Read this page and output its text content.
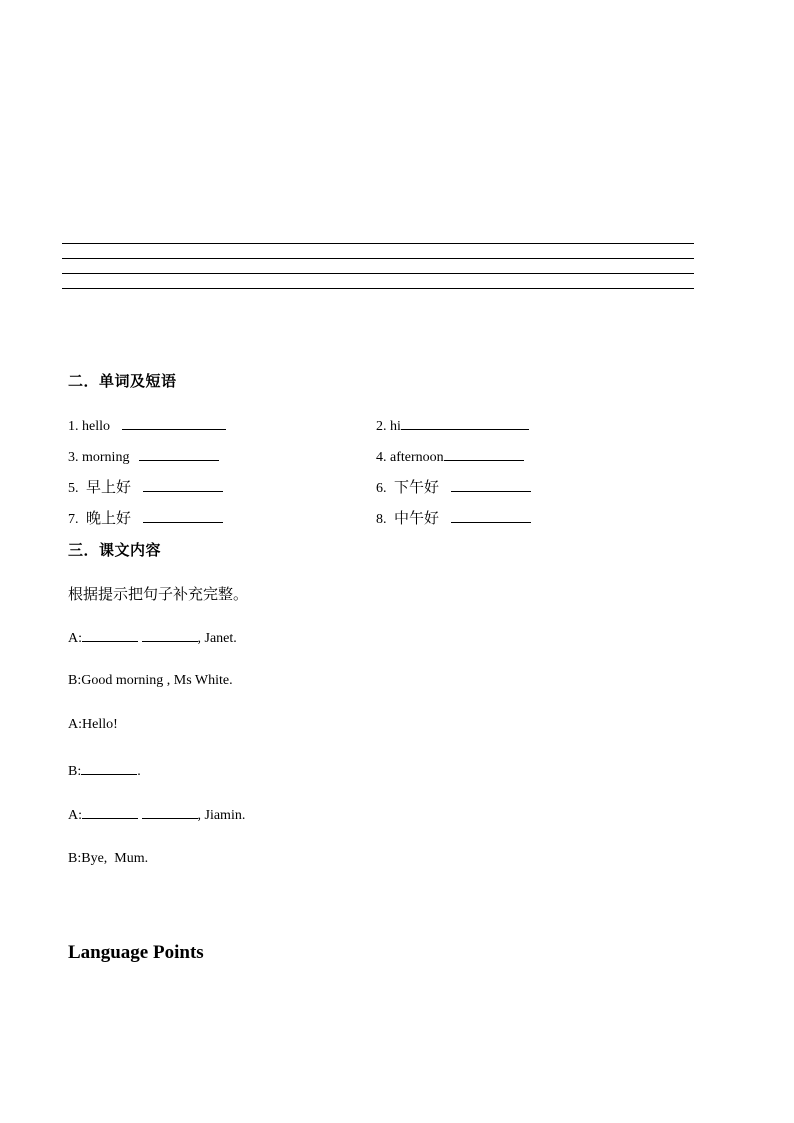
二．单词及短语
1. hello	2. hi
3. morning	4. afternoon
5. 早上好	6. 下午好
7. 晚上好	8. 中午好
三．课文内容
根据提示把句子补充完整。
A:	, Janet.
B:Good morning , Ms White.
A:Hello!
B:	.
A:	, Jiamin.
B:Bye,  Mum.
Language Points
